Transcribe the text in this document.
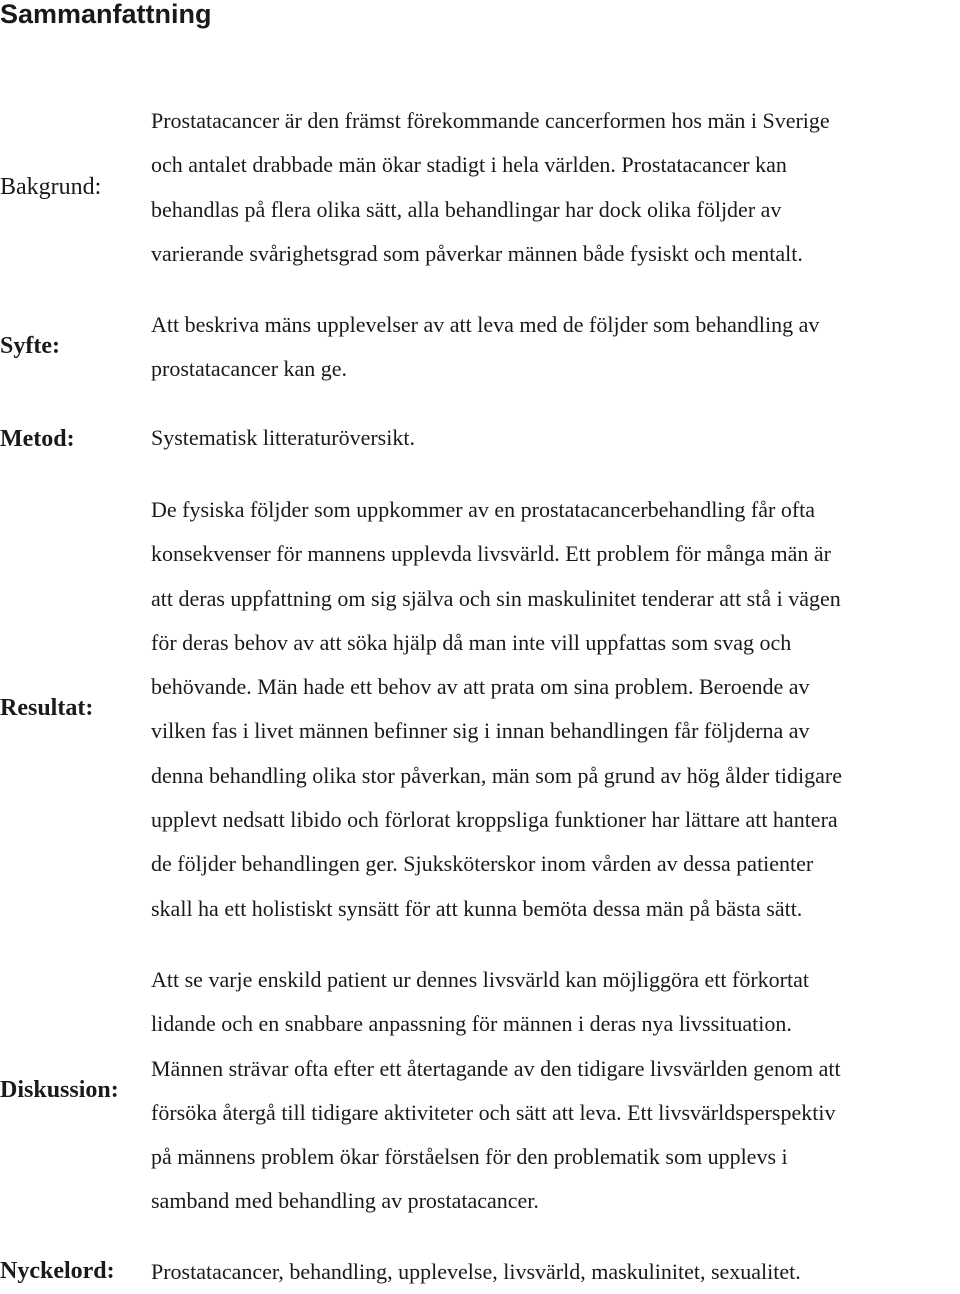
Sammanfattning
Bakgrund:
Prostatacancer är den främst förekommande cancerformen hos män i Sverige
och antalet drabbade män ökar stadigt i hela världen. Prostatacancer kan
behandlas på flera olika sätt, alla behandlingar har dock olika följder av
varierande svårighetsgrad som påverkar männen både fysiskt och mentalt.
Syfte:
Att beskriva mäns upplevelser av att leva med de följder som behandling av
prostatacancer kan ge.
Metod:	Systematisk litteraturöversikt.
Resultat:
De fysiska följder som uppkommer av en prostatacancerbehandling får ofta
konsekvenser för mannens upplevda livsvärld. Ett problem för många män är
att deras uppfattning om sig själva och sin maskulinitet tenderar att stå i vägen
för deras behov av att söka hjälp då man inte vill uppfattas som svag och
behövande. Män hade ett behov av att prata om sina problem. Beroende av
vilken fas i livet männen befinner sig i innan behandlingen får följderna av
denna behandling olika stor påverkan, män som på grund av hög ålder tidigare
upplevt nedsatt libido och förlorat kroppsliga funktioner har lättare att hantera
de följder behandlingen ger. Sjuksköterskor inom vården av dessa patienter
skall ha ett holistiskt synsätt för att kunna bemöta dessa män på bästa sätt.
Diskussion:
Att se varje enskild patient ur dennes livsvärld kan möjliggöra ett förkortat
lidande och en snabbare anpassning för männen i deras nya livssituation.
Männen strävar ofta efter ett återtagande av den tidigare livsvärlden genom att
försöka återgå till tidigare aktiviteter och sätt att leva. Ett livsvärldsperspektiv
på männens problem ökar förståelsen för den problematik som upplevs i
samband med behandling av prostatacancer.
Nyckelord: Prostatacancer, behandling, upplevelse, livsvärld, maskulinitet, sexualitet.
